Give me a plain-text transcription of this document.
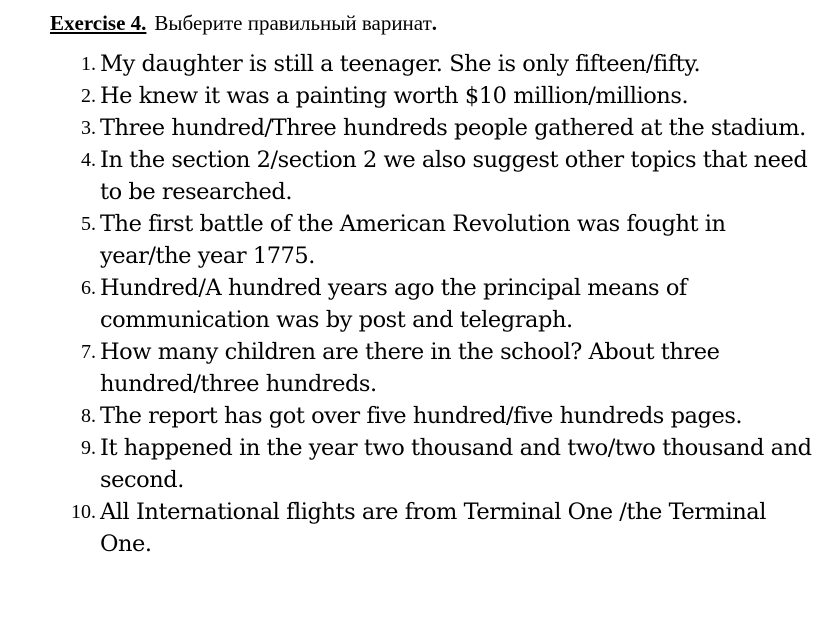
Exercise 4. Выберите правильный варинат.
1. My daughter is still a teenager. She is only fifteen/fifty.
2. He knew it was a painting worth $10 million/millions.
3. Three hundred/Three hundreds people gathered at the stadium.
4. In the section 2/section 2 we also suggest other topics that need to be researched.
5. The first battle of the American Revolution was fought in year/the year 1775.
6. Hundred/A hundred years ago the principal means of communication was by post and telegraph.
7. How many children are there in the school? About three hundred/three hundreds.
8. The report has got over five hundred/five hundreds pages.
9. It happened in the year two thousand and two/two thousand and second.
10. All International flights are from Terminal One /the Terminal One.
